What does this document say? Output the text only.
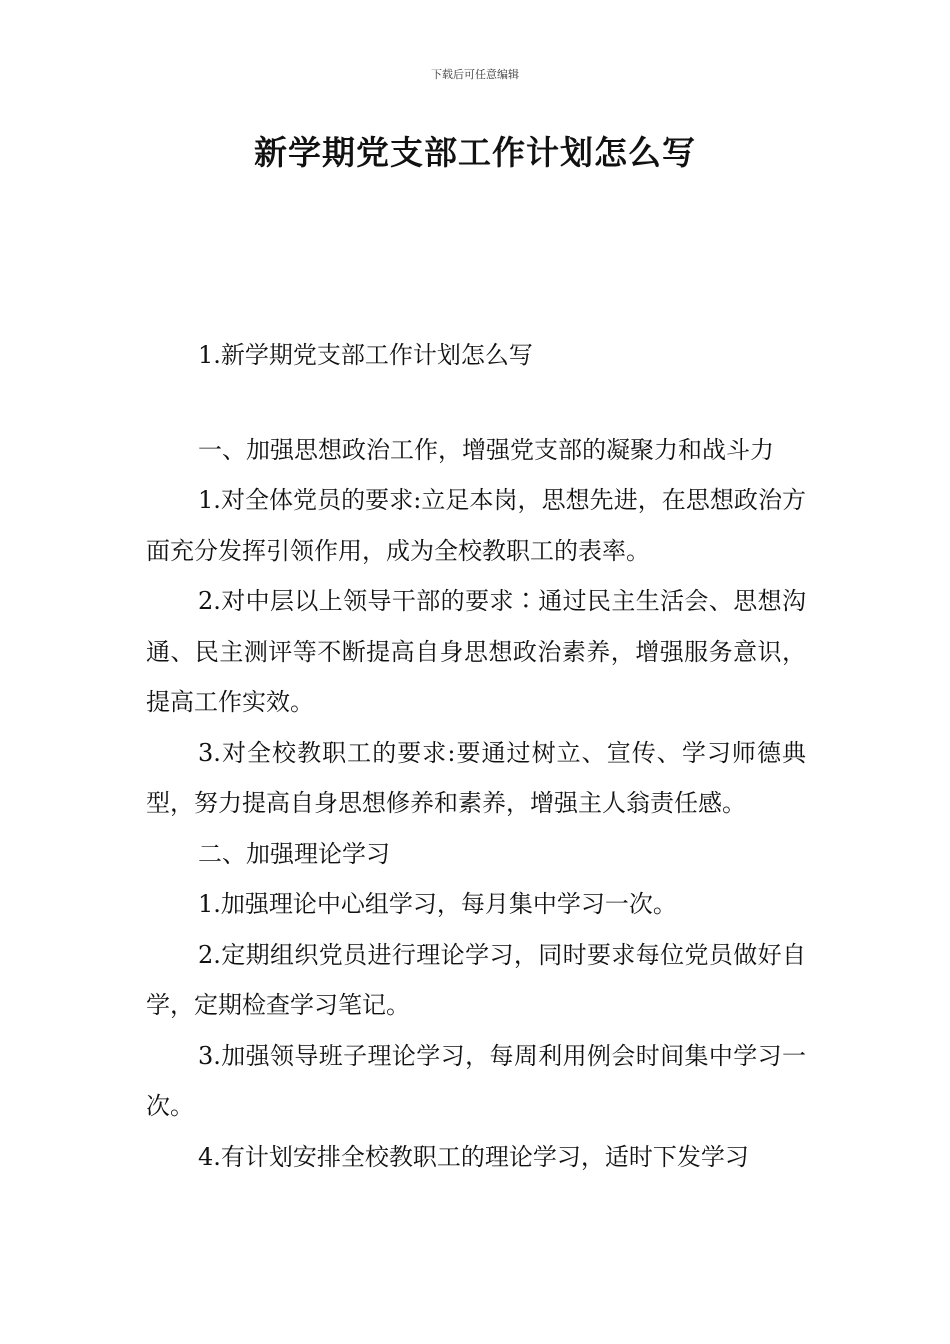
下载后可任意编辑
新学期党支部工作计划怎么写

1.新学期党支部工作计划怎么写

一、加强思想政治工作，增强党支部的凝聚力和战斗力

1.对全体党员的要求:立足本岗，思想先进，在思想政治方面充分发挥引领作用，成为全校教职工的表率。

2.对中层以上领导干部的要求∶通过民主生活会、思想沟通、民主测评等不断提高自身思想政治素养，增强服务意识，提高工作实效。

3.对全校教职工的要求:要通过树立、宣传、学习师德典型，努力提高自身思想修养和素养，增强主人翁责任感。

二、加强理论学习

1.加强理论中心组学习，每月集中学习一次。

2.定期组织党员进行理论学习，同时要求每位党员做好自学，定期检查学习笔记。

3.加强领导班子理论学习，每周利用例会时间集中学习一次。

4.有计划安排全校教职工的理论学习，适时下发学习
